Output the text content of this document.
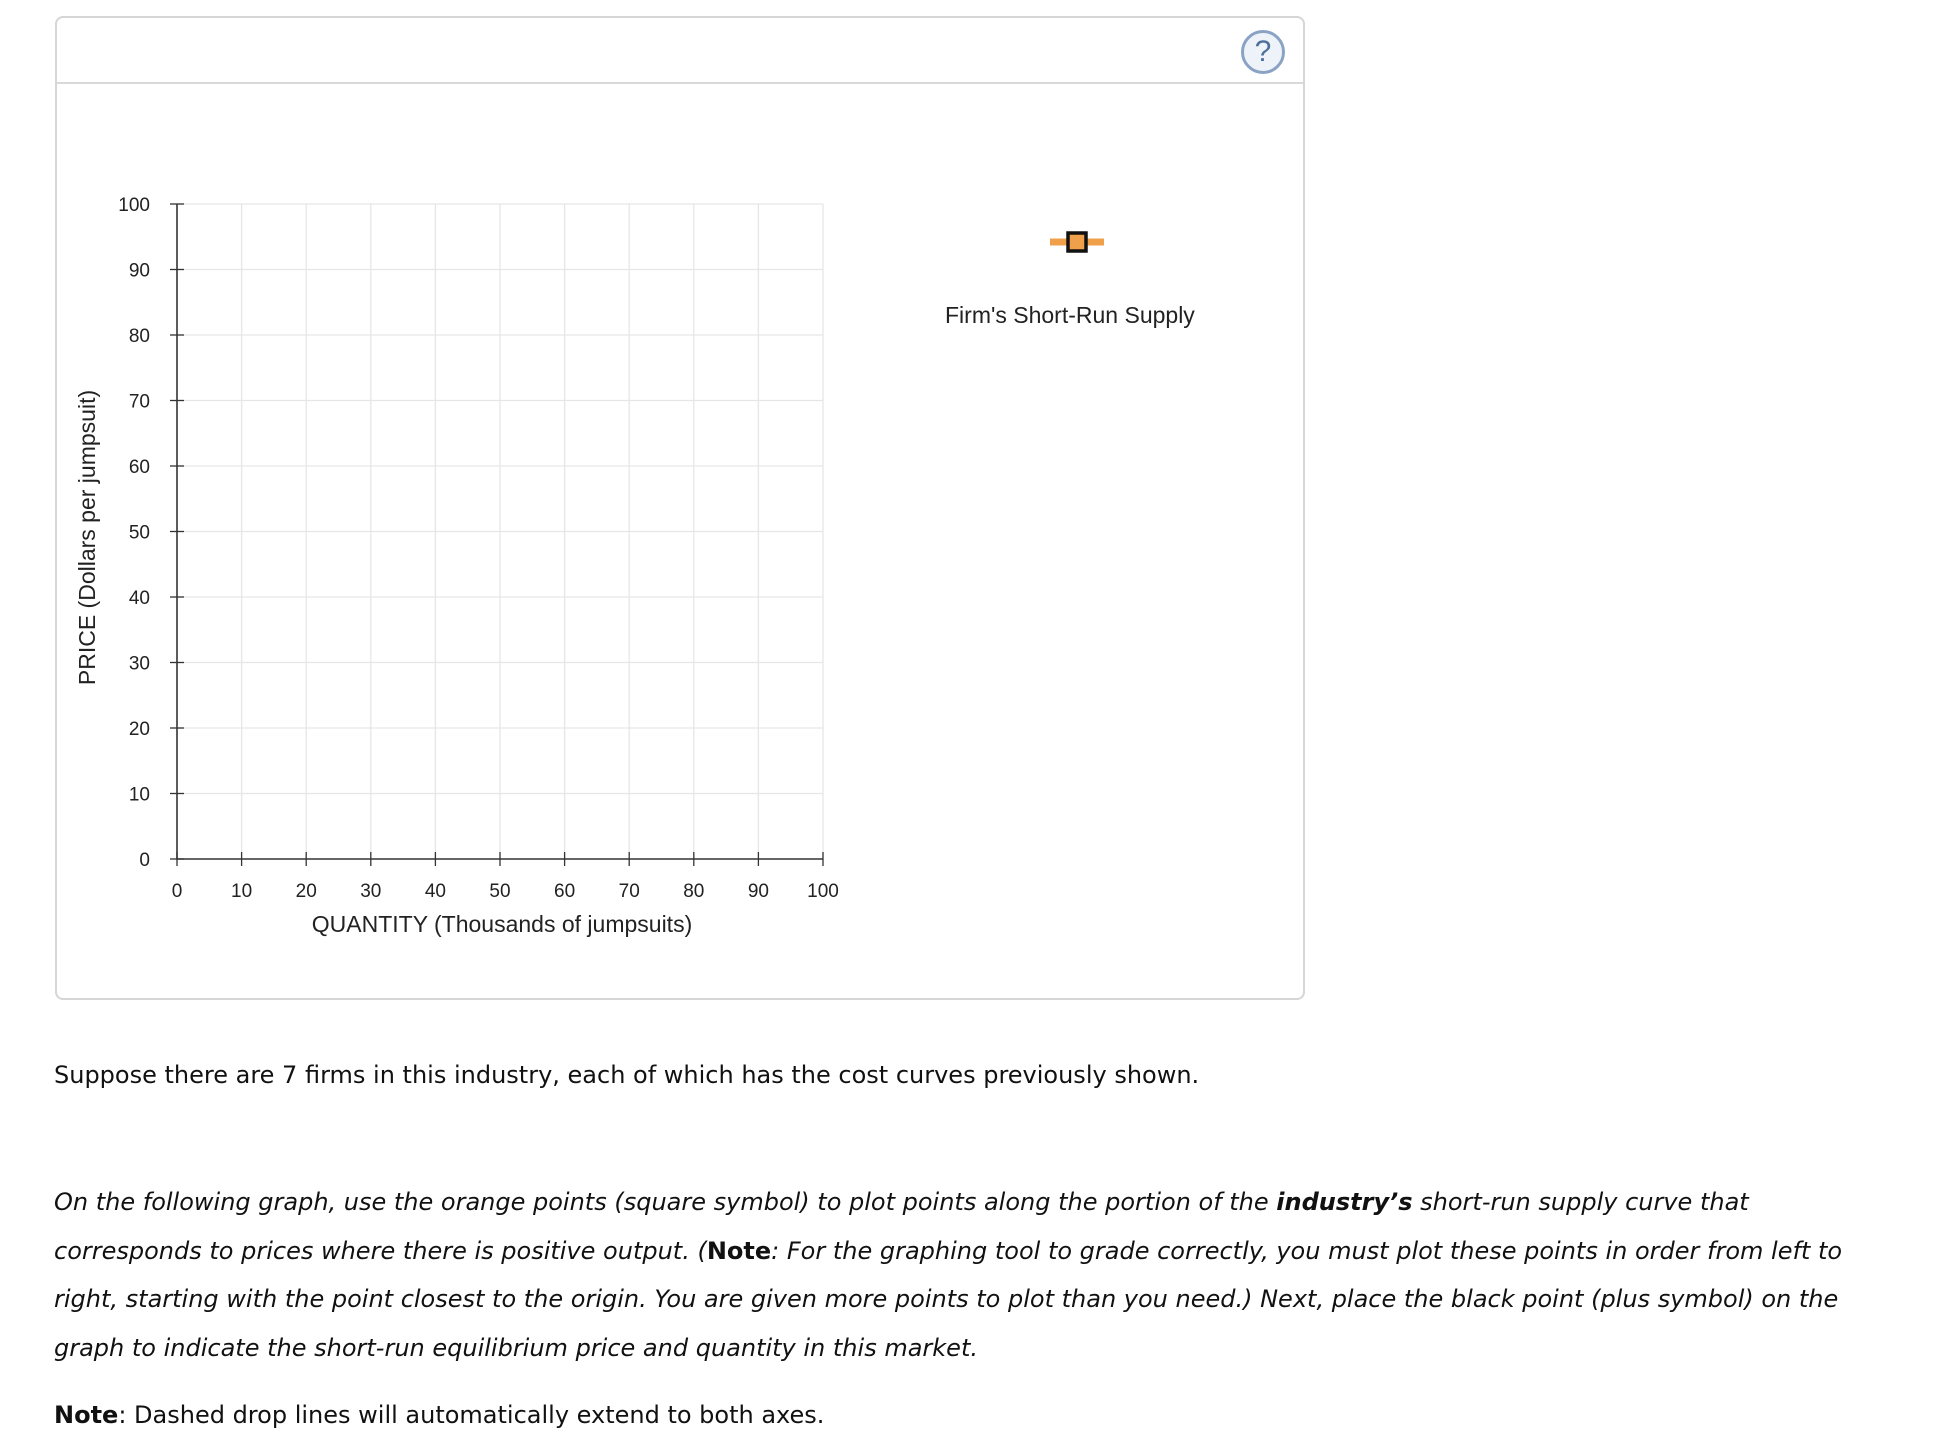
?
0	10 20 30 40 50 60 70 80 90 100
0
10
20
30
40
50
60
70
80
90
100
QUANTITY (Thousands of jumpsuits)
PRICE (Dollars per jumpsuit)
Firm's Short-Run Supply
Suppose there are 7 firms in this industry, each of which has the cost curves previously shown.
On the following graph, use the orange points (square symbol) to plot points along the portion of the industry’s short-run supply curve that corresponds to prices where there is positive output. (Note: For the graphing tool to grade correctly, you must plot these points in order from left to right, starting with the point closest to the origin. You are given more points to plot than you need.) Next, place the black point (plus symbol) on the graph to indicate the short-run equilibrium price and quantity in this market.
Note: Dashed drop lines will automatically extend to both axes.
